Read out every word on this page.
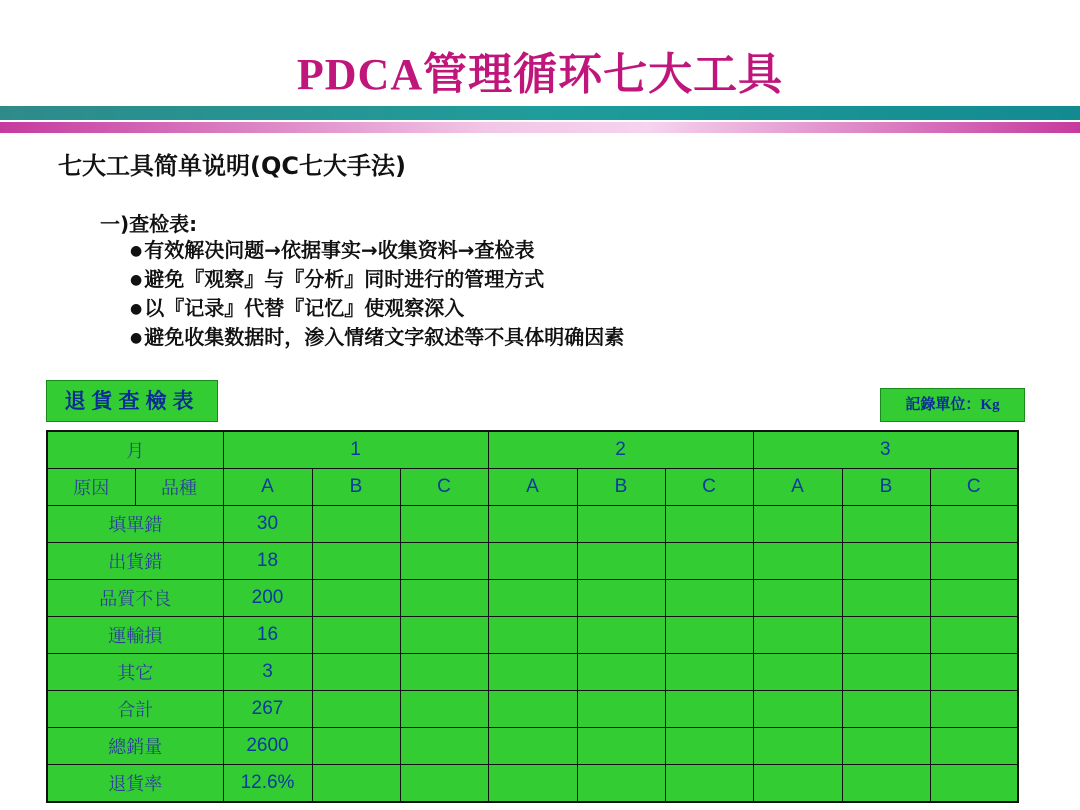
PDCA管理循环七大工具
七大工具简单说明(QC七大手法)
一)查检表:
● 有效解决问题→依据事实→收集资料→查检表
● 避免『观察』与『分析』同时进行的管理方式
● 以『记录』代替『记忆』使观察深入
● 避免收集数据时，渗入情绪文字叙述等不具体明确因素
退貨查檢表	記錄單位：Kg
月		1			2			3		
原因	品種	A	B	C	A	B	C	A	B	C
填單錯		30								
出貨錯		18								
品質不良		200								
運輸損		16								
其它		3								
合計		267								
總銷量		2600								
退貨率		12.6%								
